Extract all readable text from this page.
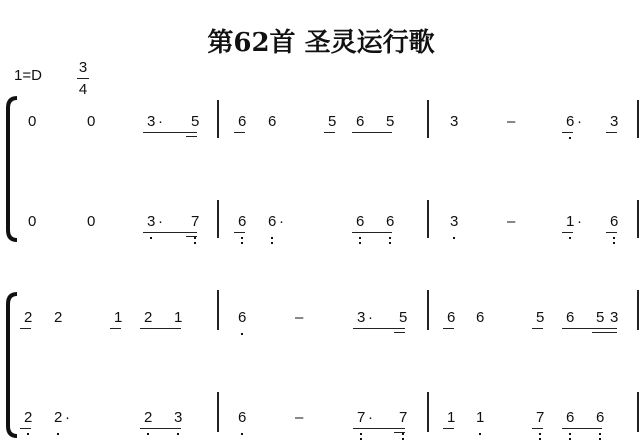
第62首 圣灵运行歌
1=D 3
4
0	0	3 · 5	6 6	5 6 5	3	–	6 · 3
0	0	3 · 7	6 6 ·	6 6	3	–	1 · 6
2 2	1 2 1	6	–	3 · 5	6 6	5 6 5 3
2 2 ·	2 3	6	–	7 · 7	1 1	7 6 6
